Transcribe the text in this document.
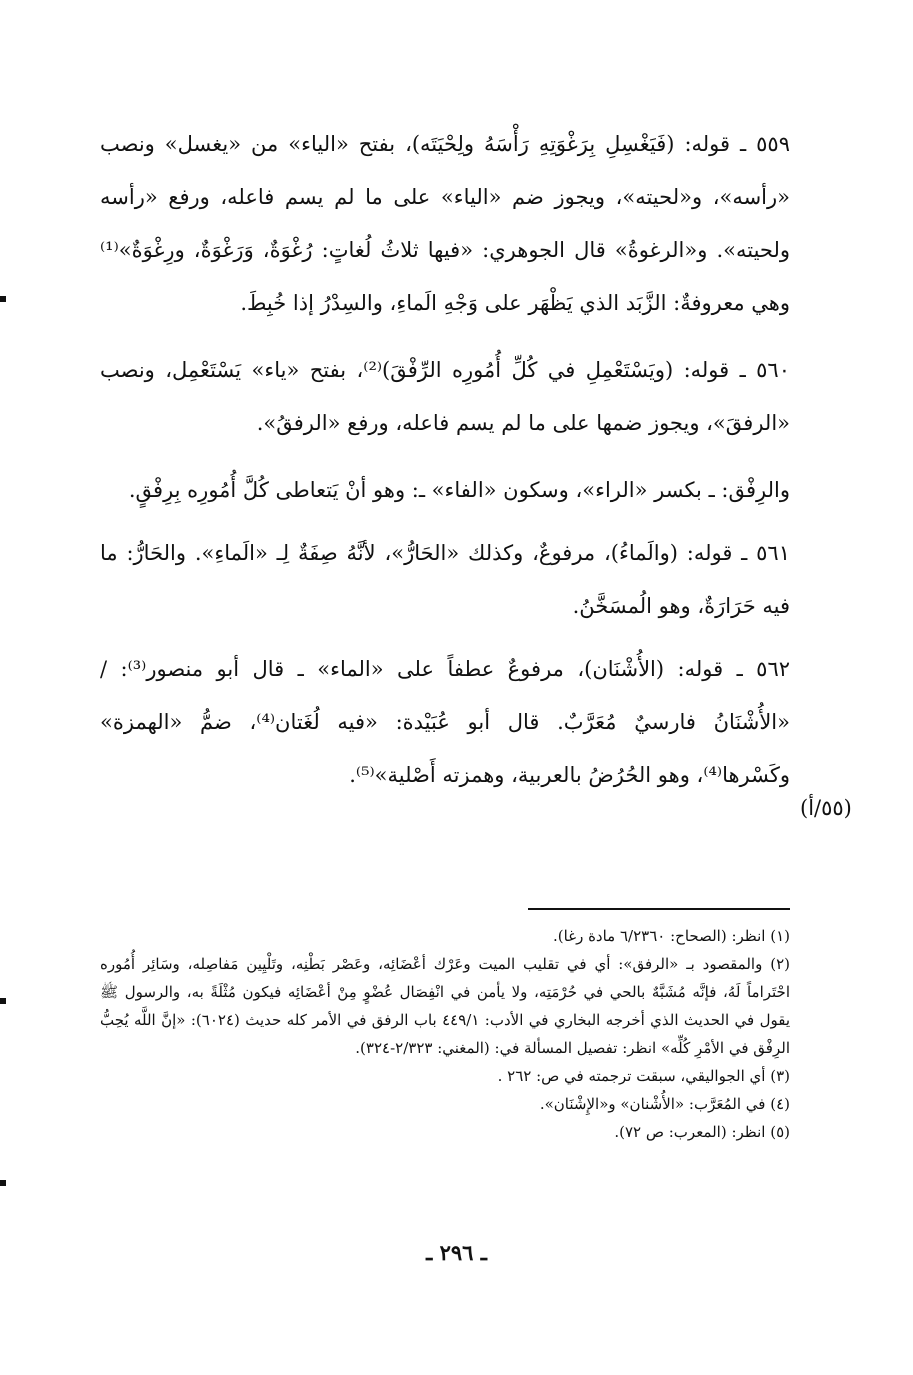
٥٥٩ ـ قوله: (فَيَغْسِلِ بِرَغْوَتِهِ رَأْسَهُ ولِحْيَتَه)، بفتح «الياء» من «يغسل» ونصب «رأسه»، و«لحيته»، ويجوز ضم «الياء» على ما لم يسم فاعله، ورفع «رأسه ولحيته». و«الرغوةُ» قال الجوهري: «فيها ثلاثُ لُغاتٍ: رُغْوَةٌ، وَرَغْوَةٌ، ورِغْوَةٌ»⁽¹⁾ وهي معروفةٌ: الزَّبَد الذي يَظْهَر على وَجْهِ الَماءِ، والسِدْرُ إذا خُبِطَ.

٥٦٠ ـ قوله: (ويَسْتَعْمِلِ في كُلِّ أُمُورِه الرِّفْقَ)⁽²⁾، بفتح «ياء» يَسْتَعْمِل، ونصب «الرفقَ»، ويجوز ضمها على ما لم يسم فاعله، ورفع «الرفقُ».

والرِفْق: ـ بكسر «الراء»، وسكون «الفاء» ـ: وهو أنْ يَتعاطى كُلَّ أُمُورِه بِرِفْقٍ.

٥٦١ ـ قوله: (والَماءُ)، مرفوعٌ، وكذلك «الحَارُّ»، لأنَّهُ صِفَةٌ لِـ «الَماءِ». والحَارُّ: ما فيه حَرَارَةٌ، وهو الُمسَخَّنُ.

٥٦٢ ـ قوله: (الأُشْنَان)، مرفوعٌ عطفاً على «الماء» ـ قال أبو منصور⁽³⁾: / «الأُشْنَانُ فارسيٌ مُعَرَّبٌ. قال أبو عُبَيْدة: «فيه لُغَتان⁽⁴⁾، ضمُّ «الهمزة» وكَسْرها⁽⁴⁾، وهو الحُرُضُ بالعربية، وهمزته أَصْلية»⁽⁵⁾.

(٥٥/أ)

(١) انظر: (الصحاح: ٦/٢٣٦٠ مادة رغا).

(٢) والمقصود بـ «الرفق»: أي في تقليب الميت وعَرْك أعْضَائِه، وعَصْر بَطْنِه، وتَلْيِين مَفاصِله، وسَائِر أُمُوره احْتَراماً لَهُ، فإنَّه مُشَبَّهٌ بالحي في حُرْمَتِه، ولا يأمن في انْفِصَال عُضْوٍ مِنْ أعْضَائِه فيكون مُثْلَةً به، والرسول ﷺ يقول في الحديث الذي أخرجه البخاري في الأدب: ٤٤٩/١ باب الرفق في الأمر كله حديث (٦٠٢٤): «إنَّ اللَّه يُحِبُّ الرِفْق في الأمْرِ كُلِّه» انظر: تفصيل المسألة في: (المغني: ٢/٣٢٣-٣٢٤).

(٣) أي الجواليقي، سبقت ترجمته في ص: ٢٦٢ .

(٤) في المُعَرَّب: «الأُشْنان» و«الإِشْنَان».

(٥) انظر: (المعرب: ص ٧٢).

ـ ٢٩٦ ـ
